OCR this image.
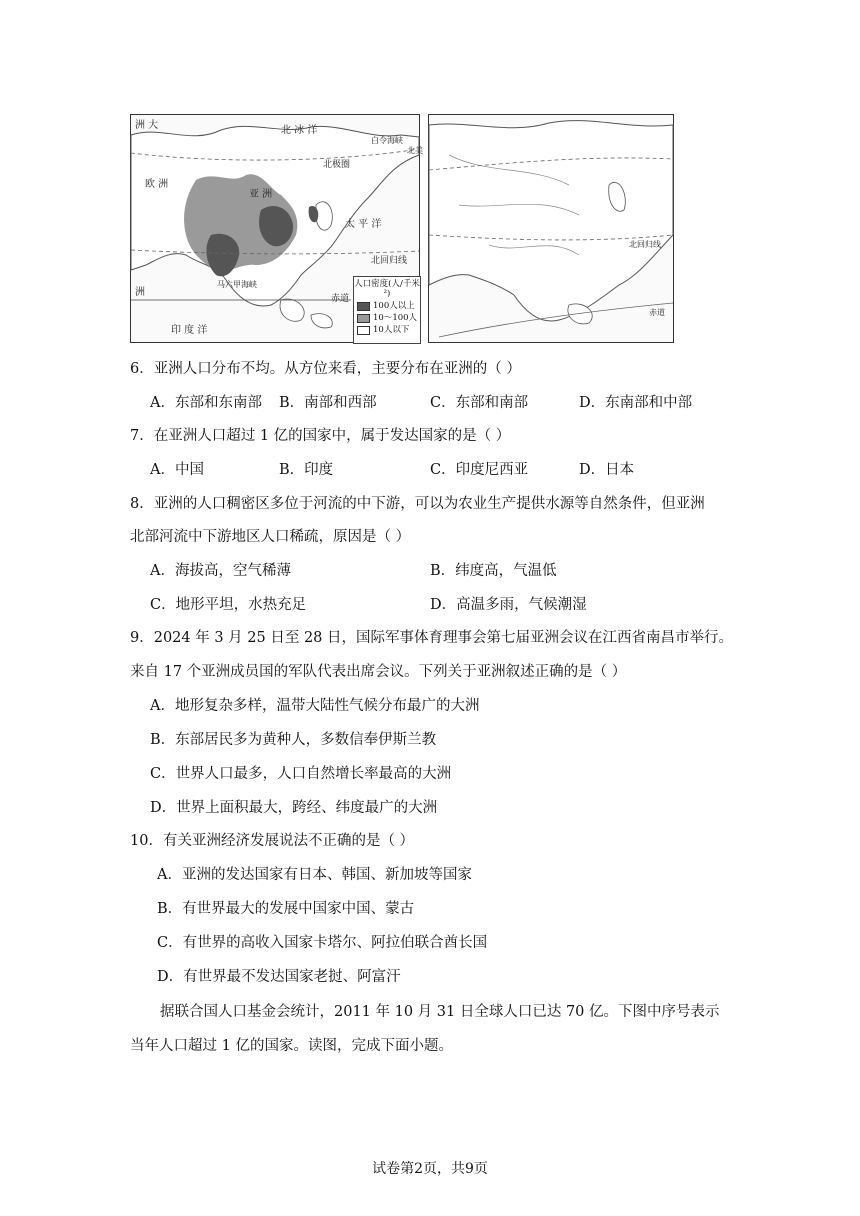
洲 大	北 冰 洋
白令海峡
北美
北极圈
欧 洲
亚 洲
太 平 洋
北回归线
洲
马六甲海峡
赤道
印 度 洋
人口密度(人/千米²)
100人以上
10～100人
10人以下
北回归线
赤道
6．亚洲人口分布不均。从方位来看，主要分布在亚洲的（ ）
A．东部和东南部 B．南部和西部	C．东部和南部	D．东南部和中部
7．在亚洲人口超过 1 亿的国家中，属于发达国家的是（ ）
A．中国	B．印度	C．印度尼西亚	D．日本
8．亚洲的人口稠密区多位于河流的中下游，可以为农业生产提供水源等自然条件，但亚洲
北部河流中下游地区人口稀疏，原因是（ ）
A．海拔高，空气稀薄	B．纬度高，气温低
C．地形平坦，水热充足	D．高温多雨，气候潮湿
9．2024 年 3 月 25 日至 28 日，国际军事体育理事会第七届亚洲会议在江西省南昌市举行。
来自 17 个亚洲成员国的军队代表出席会议。下列关于亚洲叙述正确的是（ ）
A．地形复杂多样，温带大陆性气候分布最广的大洲
B．东部居民多为黄种人，多数信奉伊斯兰教
C．世界人口最多，人口自然增长率最高的大洲
D．世界上面积最大，跨经、纬度最广的大洲
10．有关亚洲经济发展说法不正确的是（ ）
A．亚洲的发达国家有日本、韩国、新加坡等国家
B．有世界最大的发展中国家中国、蒙古
C．有世界的高收入国家卡塔尔、阿拉伯联合酋长国
D．有世界最不发达国家老挝、阿富汗
据联合国人口基金会统计，2011 年 10 月 31 日全球人口已达 70 亿。下图中序号表示
当年人口超过 1 亿的国家。读图，完成下面小题。
试卷第2页，共9页
